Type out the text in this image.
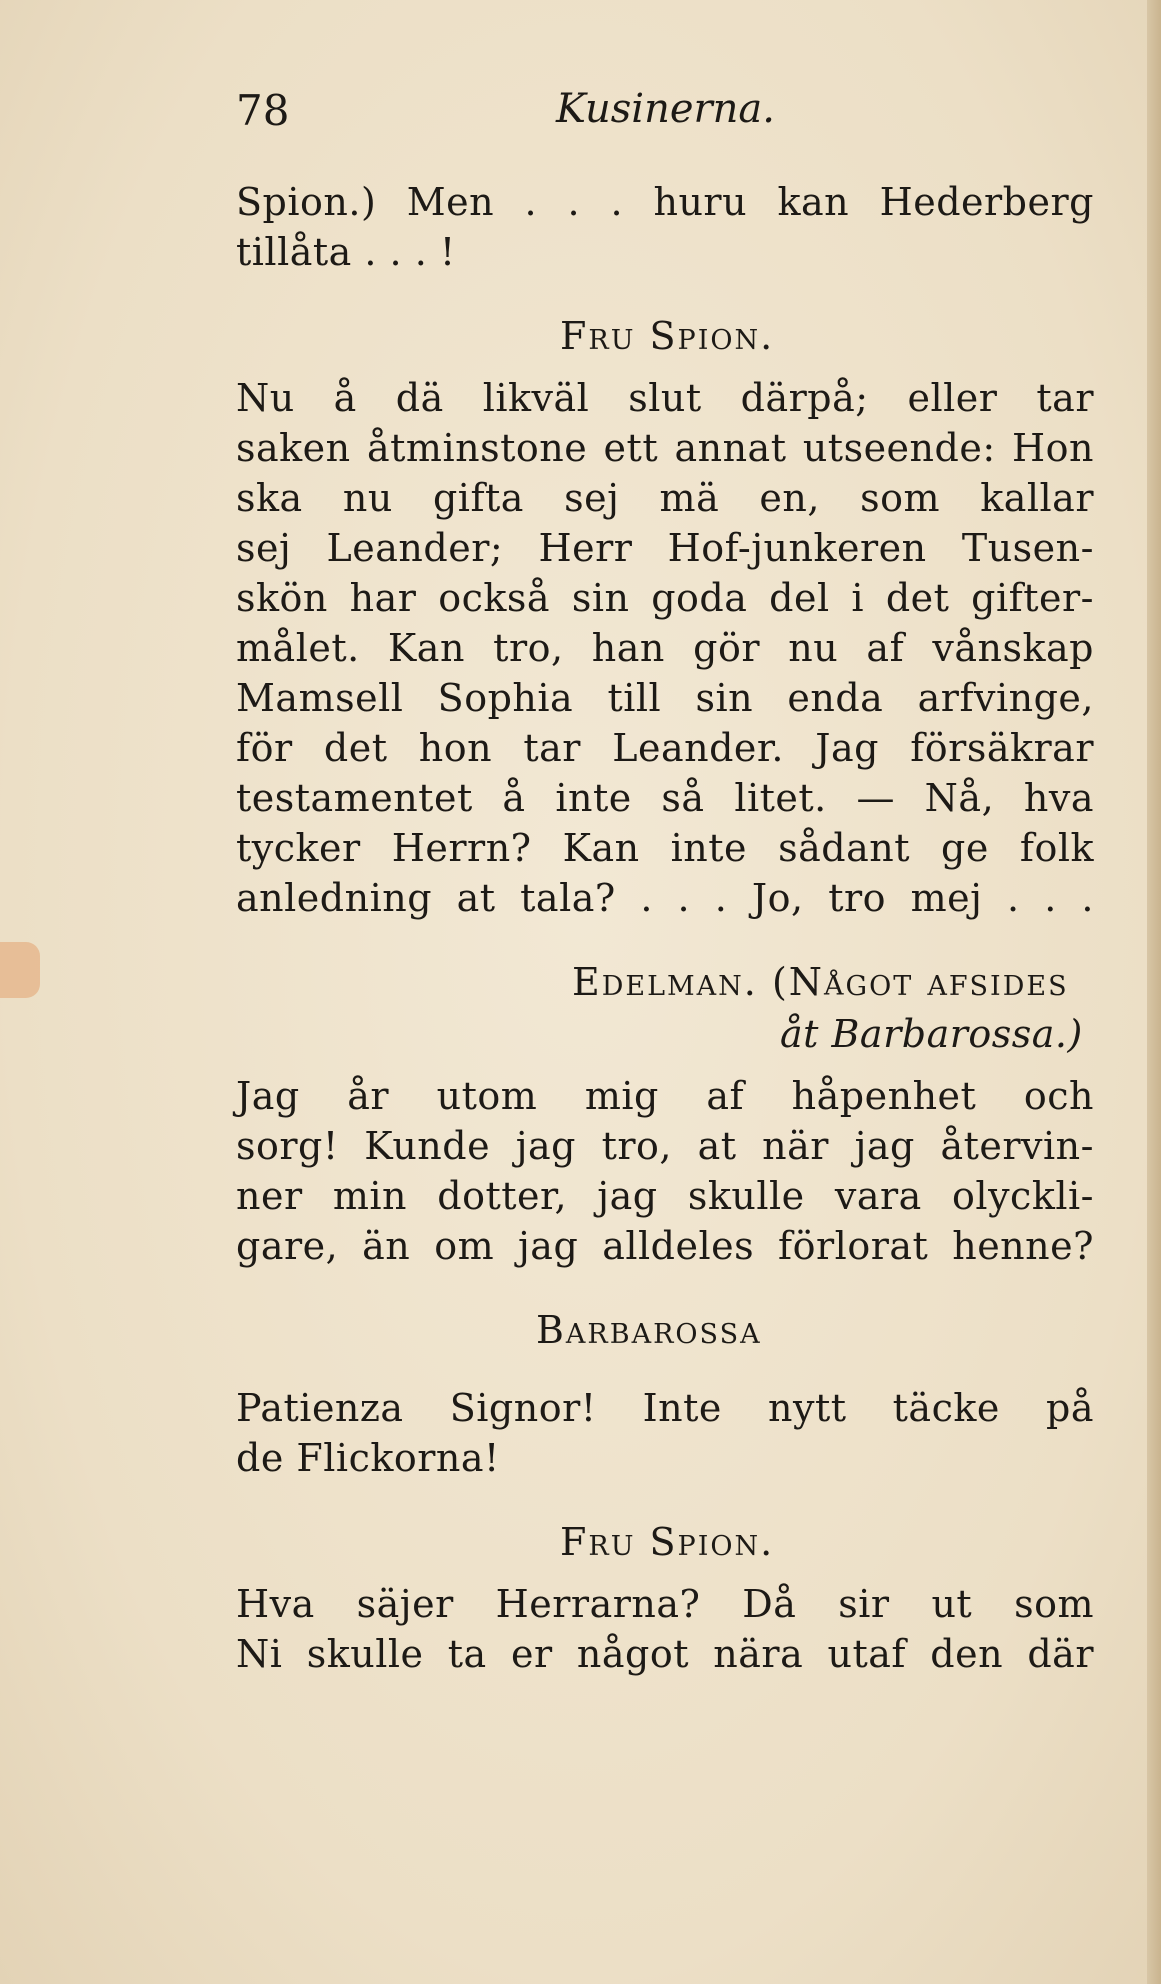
78	Kusinerna.
Spion.) Men . . . huru kan Hederberg
tillåta . . . !
Fru Spion.
Nu å dä likväl slut därpå; eller tar
saken åtminstone ett annat utseende: Hon
ska nu gifta sej mä en, som kallar
sej Leander; Herr Hof-junkeren Tusen-
skön har också sin goda del i det gifter-
målet. Kan tro, han gör nu af vånskap
Mamsell Sophia till sin enda arfvinge,
för det hon tar Leander. Jag försäkrar
testamentet å inte så litet. — Nå, hva
tycker Herrn? Kan inte sådant ge folk
anledning at tala? . . . Jo, tro mej . . .
Edelman. (Något afsides
åt Barbarossa.)
Jag år utom mig af håpenhet och
sorg! Kunde jag tro, at när jag återvin-
ner min dotter, jag skulle vara olyckli-
gare, än om jag alldeles förlorat henne?
Barbarossa
Patienza Signor! Inte nytt täcke på
de Flickorna!
Fru Spion.
Hva säjer Herrarna? Då sir ut som
Ni skulle ta er något nära utaf den där
